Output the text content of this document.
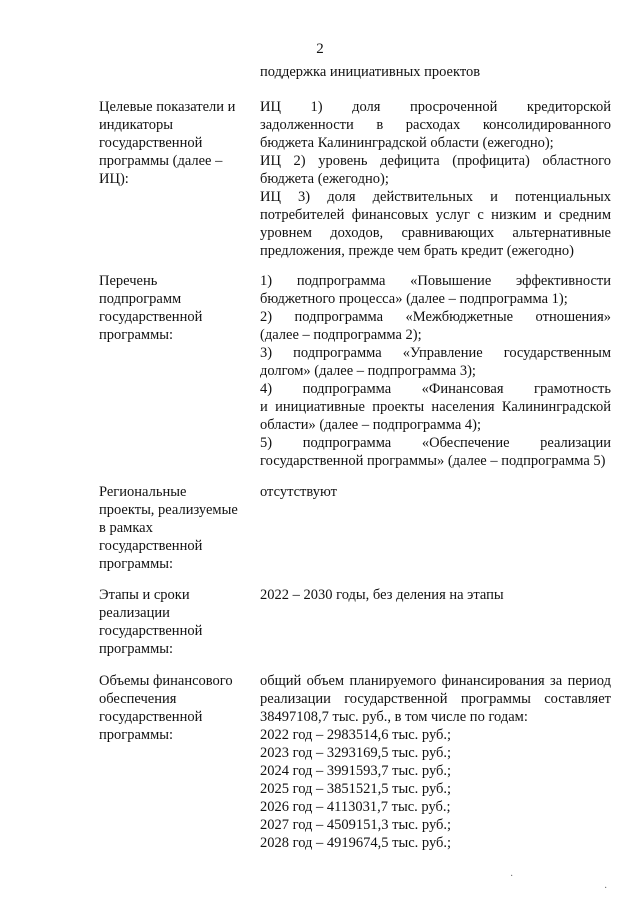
2
поддержка инициативных проектов
Целевые показатели и
индикаторы
государственной
программы (далее –
ИЦ):
ИЦ 1) доля просроченной кредиторской
задолженности в расходах консолидированного
бюджета Калининградской области (ежегодно);
ИЦ 2) уровень дефицита (профицита) областного
бюджета (ежегодно);
ИЦ 3) доля действительных и потенциальных
потребителей финансовых услуг с низким и средним
уровнем доходов, сравнивающих альтернативные
предложения, прежде чем брать кредит (ежегодно)
Перечень
подпрограмм
государственной
программы:
1) подпрограмма «Повышение эффективности
бюджетного процесса» (далее – подпрограмма 1);
2) подпрограмма «Межбюджетные отношения»
(далее – подпрограмма 2);
3) подпрограмма «Управление государственным
долгом» (далее – подпрограмма 3);
4) подпрограмма «Финансовая грамотность
и инициативные проекты населения Калининградской
области» (далее – подпрограмма 4);
5) подпрограмма «Обеспечение реализации
государственной программы» (далее – подпрограмма 5)
Региональные
проекты, реализуемые
в рамках
государственной
программы:
отсутствуют
Этапы и сроки
реализации
государственной
программы:
2022 – 2030 годы, без деления на этапы
Объемы финансового
обеспечения
государственной
программы:
общий объем планируемого финансирования за период
реализации государственной программы составляет
38497108,7 тыс. руб., в том числе по годам:
2022 год – 2983514,6 тыс. руб.;
2023 год – 3293169,5 тыс. руб.;
2024 год – 3991593,7 тыс. руб.;
2025 год – 3851521,5 тыс. руб.;
2026 год – 4113031,7 тыс. руб.;
2027 год – 4509151,3 тыс. руб.;
2028 год – 4919674,5 тыс. руб.;
·
·
